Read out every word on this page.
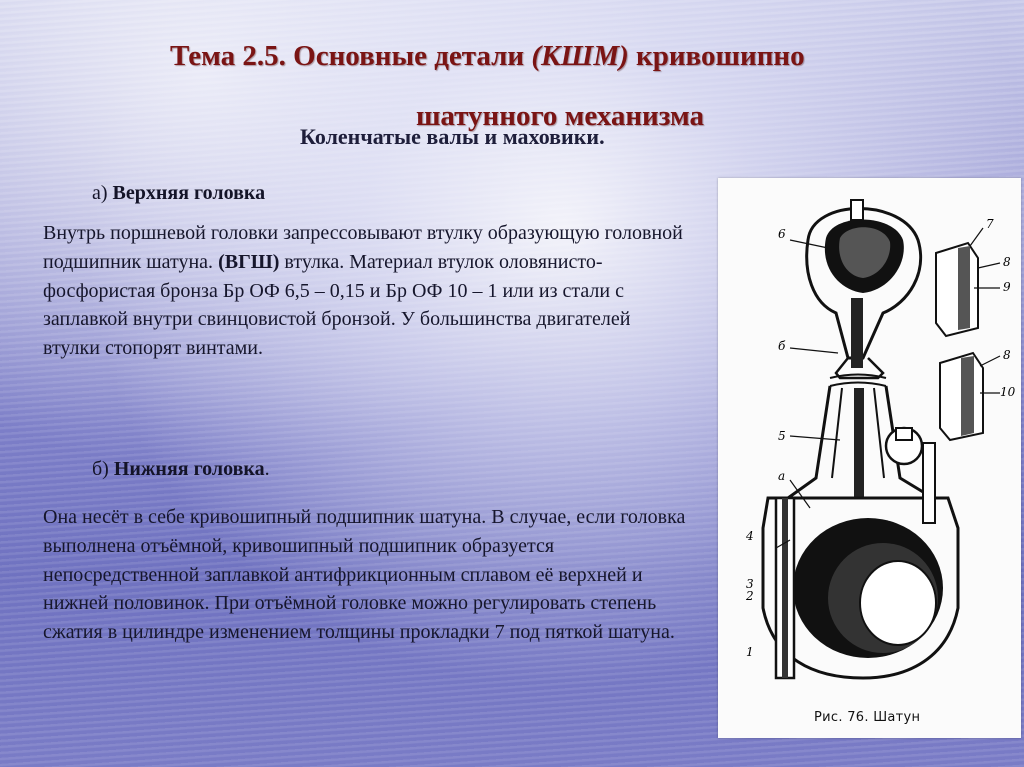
Тема 2.5. Основные детали (КШМ) кривошипно
шатунного механизма
Коленчатые валы и маховики.
а) Верхняя головка
Внутрь поршневой головки запрессовывают втулку образующую головной подшипник шатуна. (ВГШ) втулка. Материал втулок оловянисто-фосфористая бронза Бр ОФ 6,5 – 0,15 и Бр ОФ 10 – 1 или из стали с заплавкой внутри свинцовистой бронзой. У большинства двигателей втулки стопорят винтами.
б) Нижняя головка.
Она несёт в себе кривошипный подшипник шатуна. В случае, если головка выполнена отъёмной, кривошипный подшипник образуется непосредственной заплавкой антифрикционным сплавом её верхней и нижней половинок. При отъёмной головке можно регулировать степень сжатия в цилиндре изменением толщины прокладки 7 под пяткой шатуна.
6
б
5
а
4
3
2
1
7
8
9
8
10
Рис. 76. Шатун
